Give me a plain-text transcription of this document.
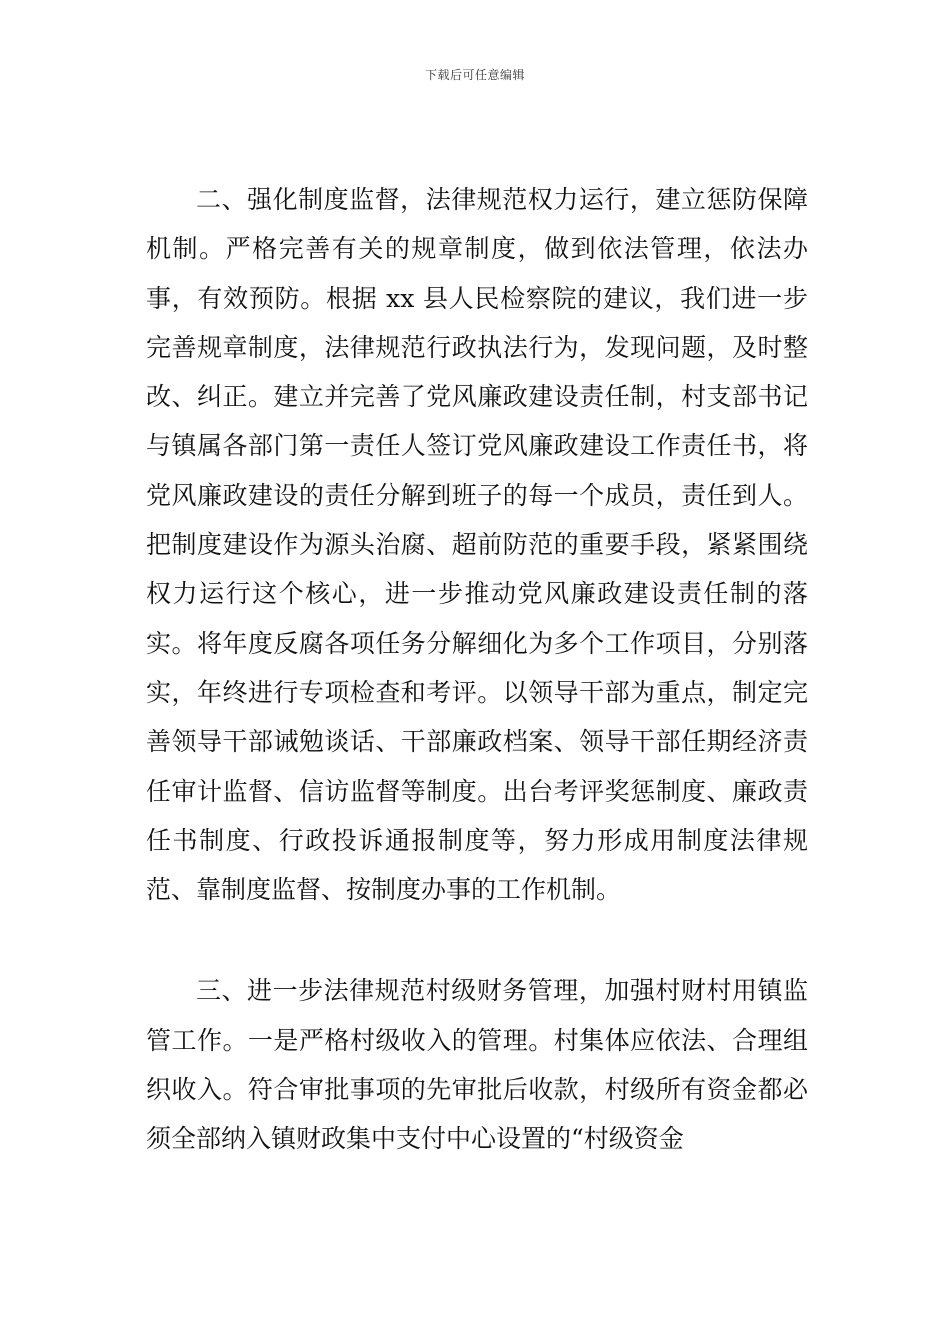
下载后可任意编辑

二、强化制度监督，法律规范权力运行，建立惩防保障机制。严格完善有关的规章制度，做到依法管理，依法办事，有效预防。根据 xx 县人民检察院的建议，我们进一步完善规章制度，法律规范行政执法行为，发现问题，及时整改、纠正。建立并完善了党风廉政建设责任制，村支部书记与镇属各部门第一责任人签订党风廉政建设工作责任书，将党风廉政建设的责任分解到班子的每一个成员，责任到人。把制度建设作为源头治腐、超前防范的重要手段，紧紧围绕权力运行这个核心，进一步推动党风廉政建设责任制的落实。将年度反腐各项任务分解细化为多个工作项目，分别落实，年终进行专项检查和考评。以领导干部为重点，制定完善领导干部诫勉谈话、干部廉政档案、领导干部任期经济责任审计监督、信访监督等制度。出台考评奖惩制度、廉政责任书制度、行政投诉通报制度等，努力形成用制度法律规范、靠制度监督、按制度办事的工作机制。

三、进一步法律规范村级财务管理，加强村财村用镇监管工作。一是严格村级收入的管理。村集体应依法、合理组织收入。符合审批事项的先审批后收款，村级所有资金都必须全部纳入镇财政集中支付中心设置的“村级资金
